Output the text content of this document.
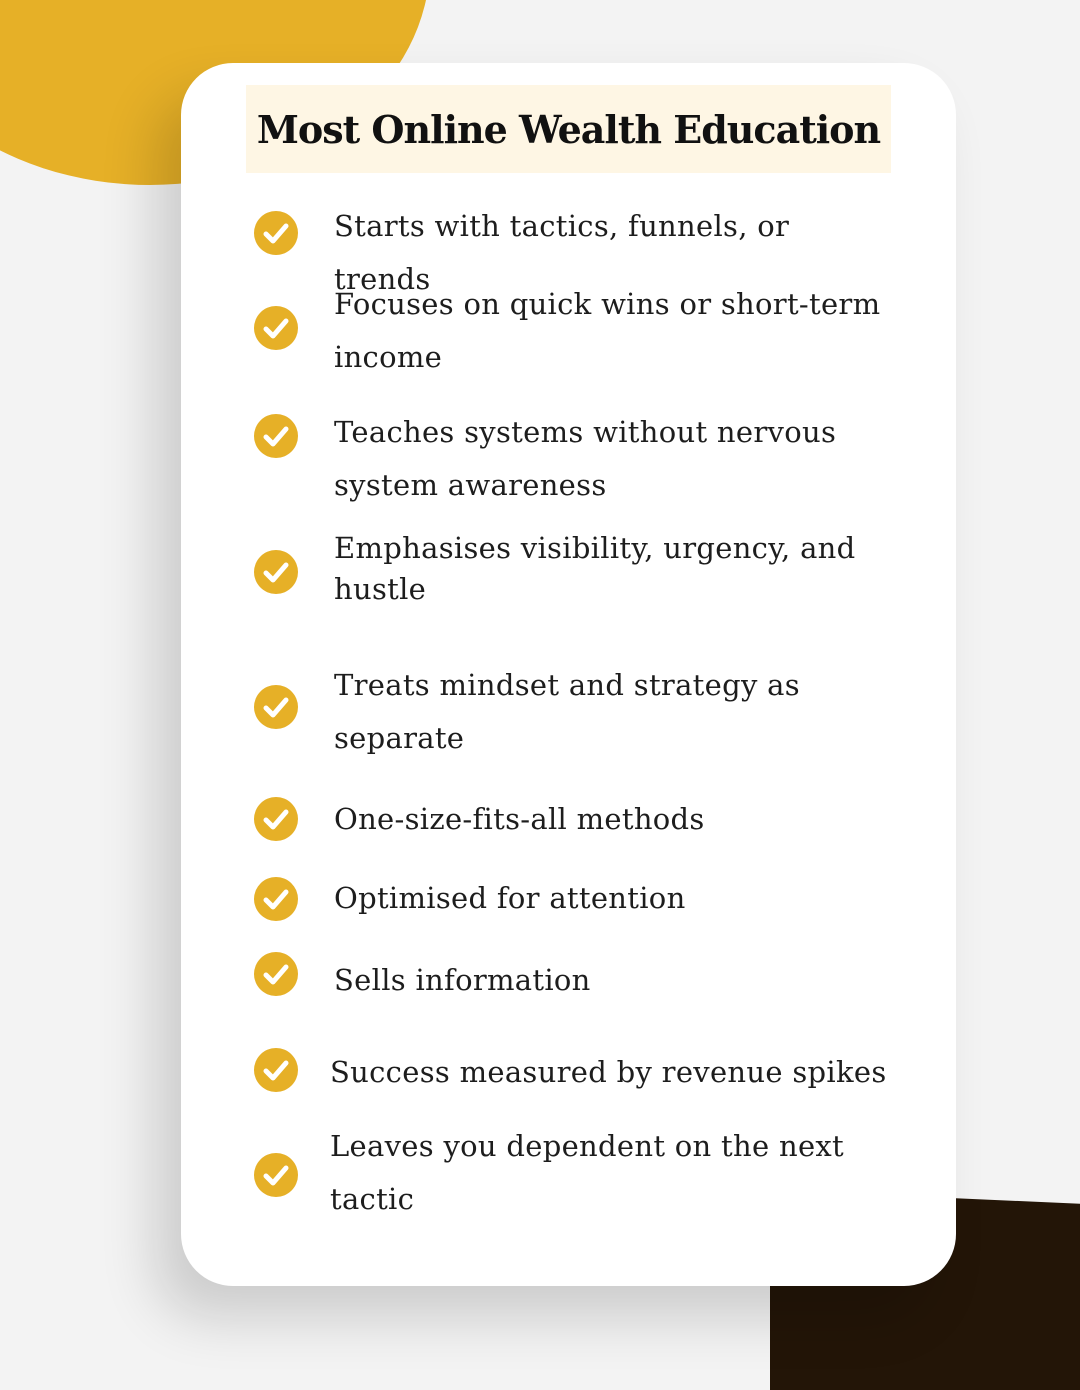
Most Online Wealth Education
Starts with tactics, funnels, or trends
Focuses on quick wins or short-term income
Teaches systems without nervous system awareness
Emphasises visibility, urgency, and hustle
Treats mindset and strategy as separate
One-size-fits-all methods
Optimised for attention
Sells information
Success measured by revenue spikes
Leaves you dependent on the next tactic
